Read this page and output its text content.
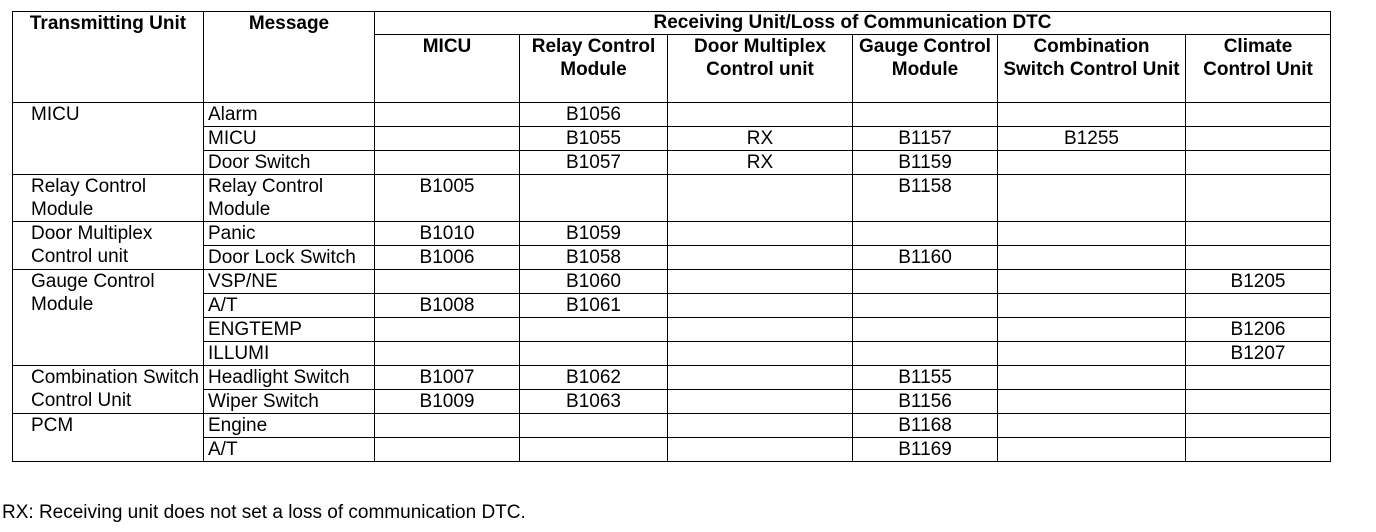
Transmitting Unit	Message	Receiving Unit/Loss of Communication DTC					
		MICU	Relay Control Module	Door Multiplex Control unit	Gauge Control Module	Combination Switch Control Unit	Climate Control Unit
MICU	Alarm		B1056				
	MICU		B1055	RX	B1157	B1255	
	Door Switch		B1057	RX	B1159		
Relay Control Module	Relay Control Module	B1005			B1158		
Door Multiplex Control unit	Panic	B1010	B1059				
	Door Lock Switch	B1006	B1058		B1160		
Gauge Control Module	VSP/NE		B1060				B1205
	A/T	B1008	B1061				
	ENGTEMP						B1206
	ILLUMI						B1207
Combination Switch Control Unit	Headlight Switch	B1007	B1062		B1155		
	Wiper Switch	B1009	B1063		B1156		
PCM	Engine				B1168		
	A/T				B1169		
RX: Receiving unit does not set a loss of communication DTC.
